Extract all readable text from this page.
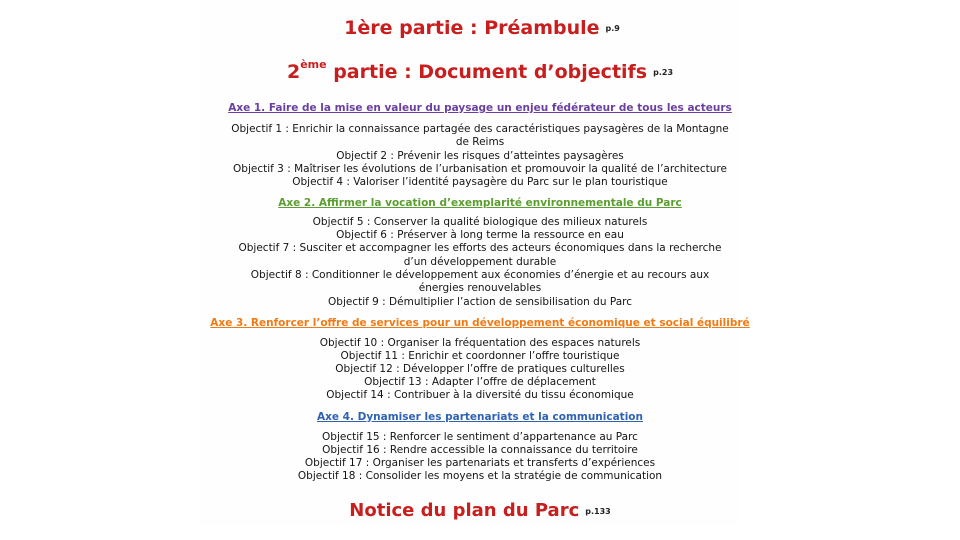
1ère partie : Préambule p.9
2ème partie : Document d’objectifs p.23
Axe 1. Faire de la mise en valeur du paysage un enjeu fédérateur de tous les acteurs
Objectif 1 : Enrichir la connaissance partagée des caractéristiques paysagères de la Montagne
de Reims
Objectif 2 : Prévenir les risques d’atteintes paysagères
Objectif 3 : Maîtriser les évolutions de l’urbanisation et promouvoir la qualité de l’architecture
Objectif 4 : Valoriser l’identité paysagère du Parc sur le plan touristique
Axe 2. Affirmer la vocation d’exemplarité environnementale du Parc
Objectif 5 : Conserver la qualité biologique des milieux naturels
Objectif 6 : Préserver à long terme la ressource en eau
Objectif 7 : Susciter et accompagner les efforts des acteurs économiques dans la recherche
d’un développement durable
Objectif 8 : Conditionner le développement aux économies d’énergie et au recours aux
énergies renouvelables
Objectif 9 : Démultiplier l’action de sensibilisation du Parc
Axe 3. Renforcer l’offre de services pour un développement économique et social équilibré
Objectif 10 : Organiser la fréquentation des espaces naturels
Objectif 11 : Enrichir et coordonner l’offre touristique
Objectif 12 : Développer l’offre de pratiques culturelles
Objectif 13 : Adapter l’offre de déplacement
Objectif 14 : Contribuer à la diversité du tissu économique
Axe 4. Dynamiser les partenariats et la communication
Objectif 15 : Renforcer le sentiment d’appartenance au Parc
Objectif 16 : Rendre accessible la connaissance du territoire
Objectif 17 : Organiser les partenariats et transferts d’expériences
Objectif 18 : Consolider les moyens et la stratégie de communication
Notice du plan du Parc p.133
